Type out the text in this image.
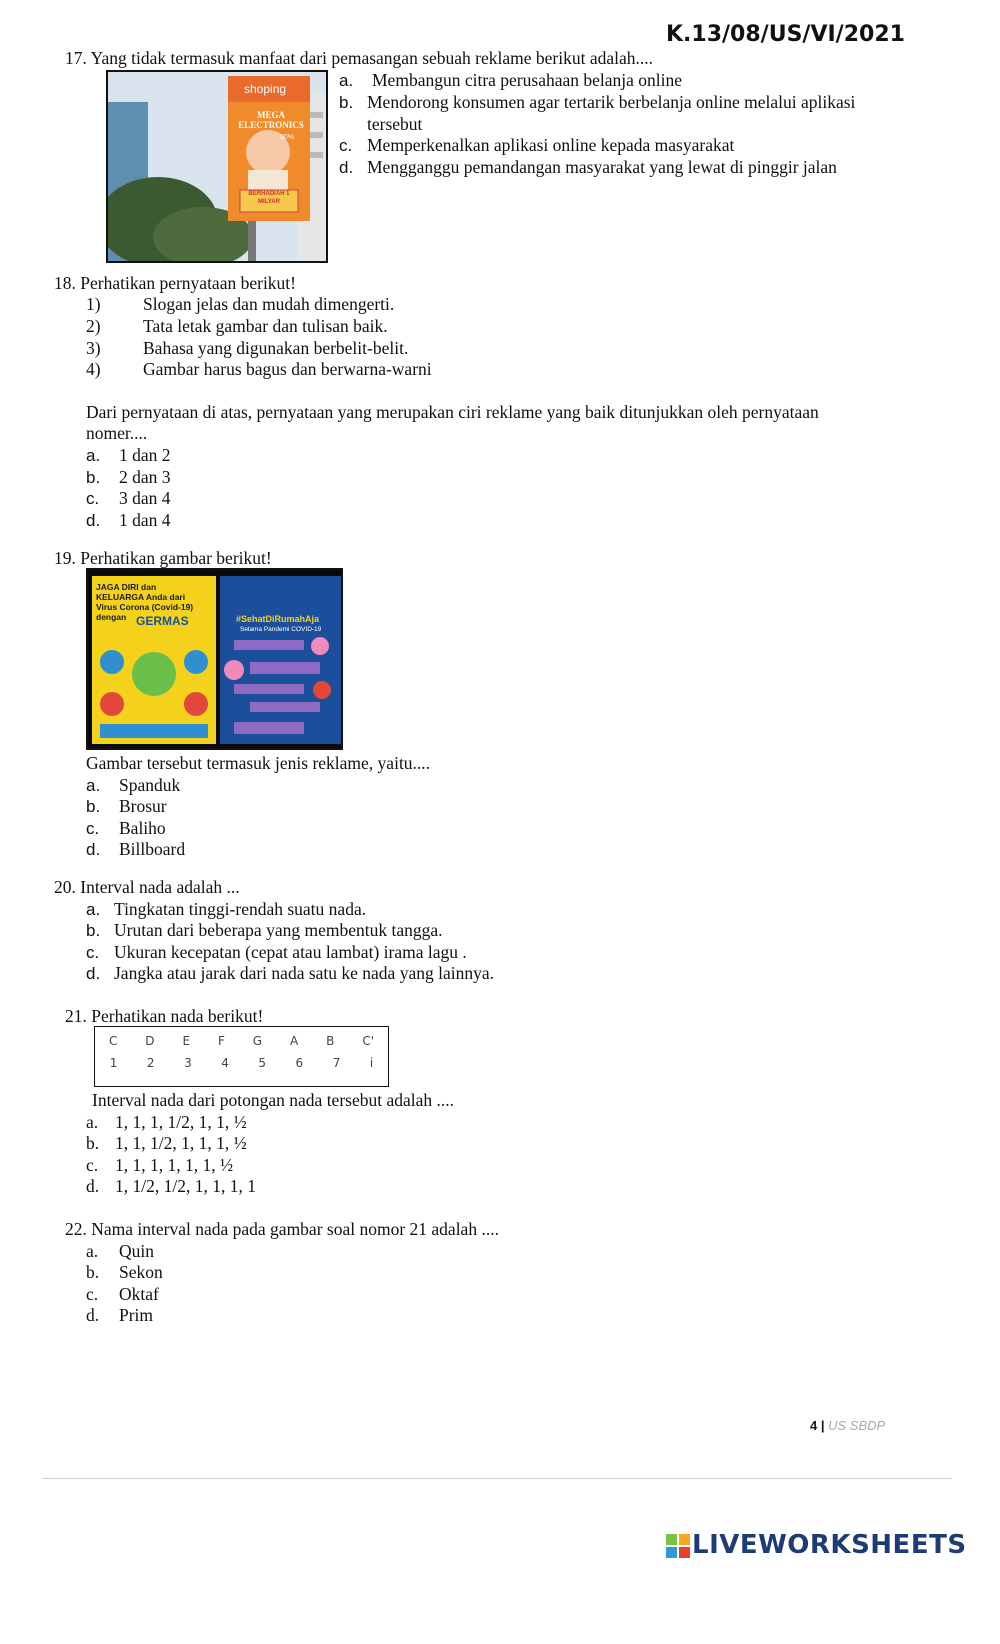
K.13/08/US/VI/2021
17. Yang tidak termasuk manfaat dari pemasangan sebuah reklame berikut adalah....
shoping
MEGA ELECTRONICS
90%
BERHADIAH 1 MILYAR
a. Membangun citra perusahaan belanja online
b. Mendorong konsumen agar tertarik berbelanja online melalui aplikasi
tersebut
c. Memperkenalkan aplikasi online kepada masyarakat
d. Mengganggu pemandangan masyarakat yang lewat di pinggir jalan
18. Perhatikan pernyataan berikut!
1) Slogan jelas dan mudah dimengerti.
2) Tata letak gambar dan tulisan baik.
3) Bahasa yang digunakan berbelit-belit.
4) Gambar harus bagus dan berwarna-warni
Dari pernyataan di atas, pernyataan yang merupakan ciri reklame yang baik ditunjukkan oleh pernyataan
nomer....
a. 1 dan 2
b. 2 dan 3
c. 3 dan 4
d. 1 dan 4
19. Perhatikan gambar berikut!
JAGA DIRI dan KELUARGA Anda dari Virus Corona (Covid-19) dengan GERMAS	#SehatDiRumahAja
Selama Pandemi COVID-19
Gambar tersebut termasuk jenis reklame, yaitu....
a. Spanduk
b. Brosur
c. Baliho
d. Billboard
20. Interval nada adalah ...
a. Tingkatan tinggi-rendah suatu nada.
b. Urutan dari beberapa yang membentuk tangga.
c. Ukuran kecepatan (cepat atau lambat) irama lagu .
d. Jangka atau jarak dari nada satu ke nada yang lainnya.
21. Perhatikan nada berikut!
C D E F G A B C'
1 2 3 4 5 6 7 i
Interval nada dari potongan nada tersebut adalah ....
a. 1, 1, 1, 1/2, 1, 1, ½
b. 1, 1, 1/2, 1, 1, 1, ½
c. 1, 1, 1, 1, 1, 1, ½
d. 1, 1/2, 1/2, 1, 1, 1, 1
22. Nama interval nada pada gambar soal nomor 21 adalah ....
a. Quin
b. Sekon
c. Oktaf
d. Prim
4 | US SBDP
LIVEWORKSHEETS
